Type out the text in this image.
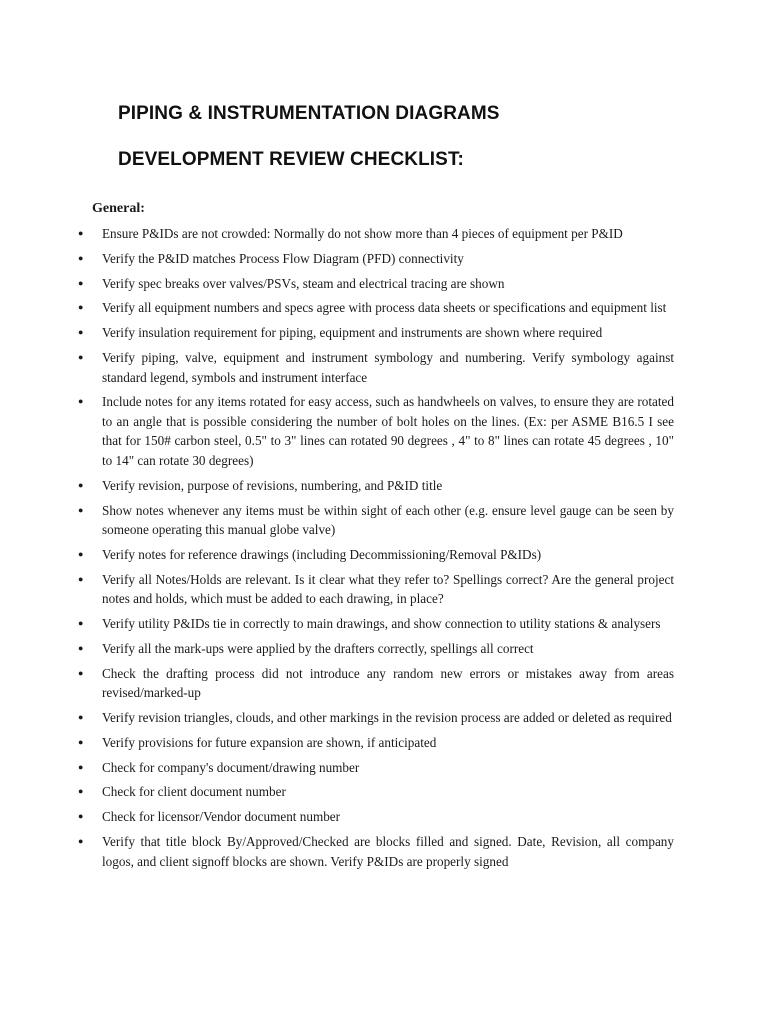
PIPING & INSTRUMENTATION DIAGRAMS
DEVELOPMENT REVIEW CHECKLIST:
General:
● Ensure P&IDs are not crowded: Normally do not show more than 4 pieces of equipment per P&ID
● Verify the P&ID matches Process Flow Diagram (PFD) connectivity
● Verify spec breaks over valves/PSVs, steam and electrical tracing are shown
● Verify all equipment numbers and specs agree with process data sheets or specifications and equipment list
● Verify insulation requirement for piping, equipment and instruments are shown where required
● Verify piping, valve, equipment and instrument symbology and numbering. Verify symbology against standard legend, symbols and instrument interface
● Include notes for any items rotated for easy access, such as handwheels on valves, to ensure they are rotated to an angle that is possible considering the number of bolt holes on the lines. (Ex: per ASME B16.5 I see that for 150# carbon steel, 0.5" to 3" lines can rotated 90 degrees , 4" to 8" lines can rotate 45 degrees , 10" to 14" can rotate 30 degrees)
● Verify revision, purpose of revisions, numbering, and P&ID title
● Show notes whenever any items must be within sight of each other (e.g. ensure level gauge can be seen by someone operating this manual globe valve)
● Verify notes for reference drawings (including Decommissioning/Removal P&IDs)
● Verify all Notes/Holds are relevant. Is it clear what they refer to? Spellings correct? Are the general project notes and holds, which must be added to each drawing, in place?
● Verify utility P&IDs tie in correctly to main drawings, and show connection to utility stations & analysers
● Verify all the mark-ups were applied by the drafters correctly, spellings all correct
● Check the drafting process did not introduce any random new errors or mistakes away from areas revised/marked-up
● Verify revision triangles, clouds, and other markings in the revision process are added or deleted as required
● Verify provisions for future expansion are shown, if anticipated
● Check for company's document/drawing number
● Check for client document number
● Check for licensor/Vendor document number
● Verify that title block By/Approved/Checked are blocks filled and signed. Date, Revision, all company logos, and client signoff blocks are shown. Verify P&IDs are properly signed
